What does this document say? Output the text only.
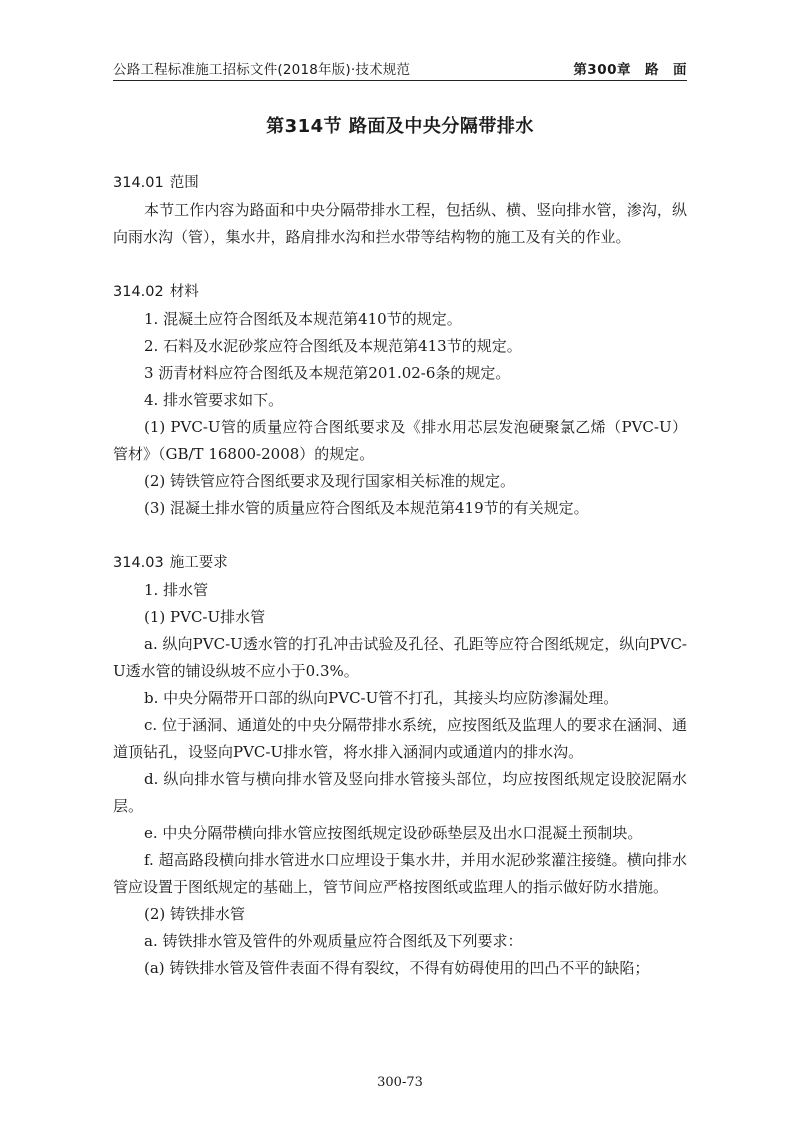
公路工程标准施工招标文件(2018年版)·技术规范	第300章　路　面
第314节 路面及中央分隔带排水
314.01 范围

本节工作内容为路面和中央分隔带排水工程，包括纵、横、竖向排水管，渗沟，纵向雨水沟（管），集水井，路肩排水沟和拦水带等结构物的施工及有关的作业。

314.02 材料

1. 混凝土应符合图纸及本规范第410节的规定。

2. 石料及水泥砂浆应符合图纸及本规范第413节的规定。

3 沥青材料应符合图纸及本规范第201.02-6条的规定。

4. 排水管要求如下。

(1) PVC-U管的质量应符合图纸要求及《排水用芯层发泡硬聚氯乙烯（PVC-U）管材》（GB/T 16800-2008）的规定。

(2) 铸铁管应符合图纸要求及现行国家相关标准的规定。

(3) 混凝土排水管的质量应符合图纸及本规范第419节的有关规定。

314.03 施工要求

1. 排水管

(1) PVC-U排水管

a. 纵向PVC-U透水管的打孔冲击试验及孔径、孔距等应符合图纸规定，纵向PVC-U透水管的铺设纵坡不应小于0.3%。

b. 中央分隔带开口部的纵向PVC-U管不打孔，其接头均应防渗漏处理。

c. 位于涵洞、通道处的中央分隔带排水系统，应按图纸及监理人的要求在涵洞、通道顶钻孔，设竖向PVC-U排水管，将水排入涵洞内或通道内的排水沟。

d. 纵向排水管与横向排水管及竖向排水管接头部位，均应按图纸规定设胶泥隔水层。

e. 中央分隔带横向排水管应按图纸规定设砂砾垫层及出水口混凝土预制块。

f. 超高路段横向排水管进水口应埋设于集水井，并用水泥砂浆灌注接缝。横向排水管应设置于图纸规定的基础上，管节间应严格按图纸或监理人的指示做好防水措施。

(2) 铸铁排水管

a. 铸铁排水管及管件的外观质量应符合图纸及下列要求：

(a) 铸铁排水管及管件表面不得有裂纹，不得有妨碍使用的凹凸不平的缺陷；

300-73
